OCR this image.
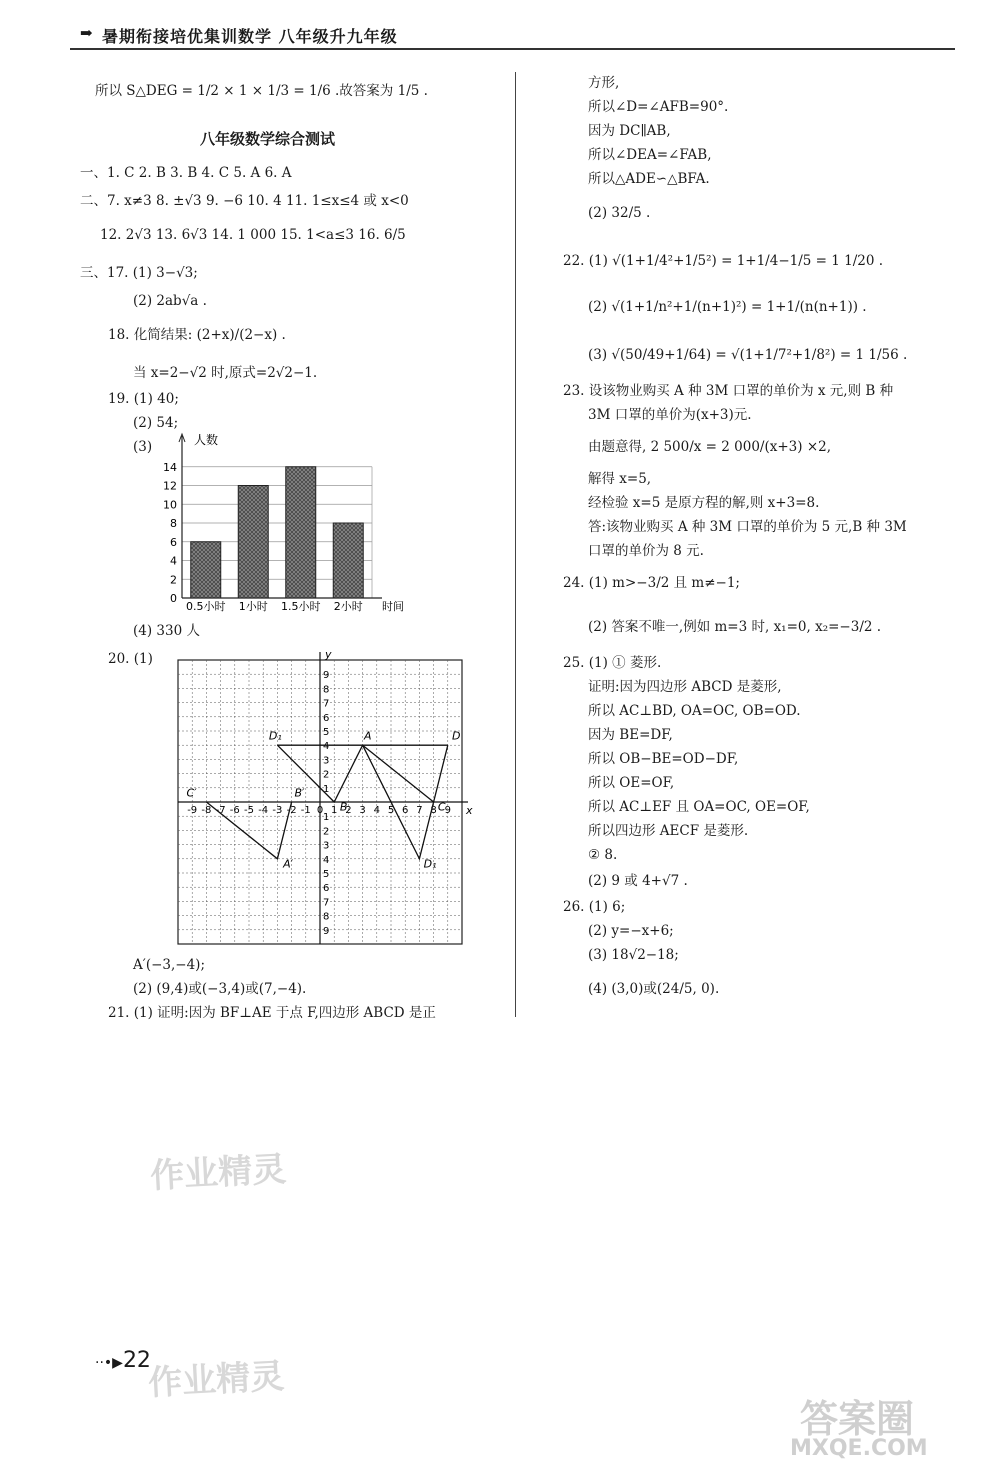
➡ 暑期衔接培优集训数学 八年级升九年级
所以 S△DEG = 1/2 × 1 × 1/3 = 1/6 .故答案为 1/5 .
八年级数学综合测试
一、1. C 2. B 3. B 4. C 5. A 6. A
二、7. x≠3 8. ±√3 9. −6 10. 4 11. 1≤x≤4 或 x<0
12. 2√3 13. 6√3 14. 1 000 15. 1<a≤3 16. 6/5
三、17. (1) 3−√3;
(2) 2ab√a .
18. 化简结果: (2+x)/(2−x) .
当 x=2−√2 时,原式=2√2−1.
19. (1) 40;
(2) 54;
(3)
0
2
4
6
8
10
12
14
人数
时间
0.5小时 1小时 1.5小时 2小时
(4) 330 人
20. (1)
x
y
-9 -8 -7 -6 -5 -4 -3 -2 -1 0 1 2 3 4 5 6 7 8 9
9
8
7
6
5
4
3
2
1
1
2
3
4
5
6
7
8
9
D₁	A	D
C′	B′
A′
B	C
D₁
A′(−3,−4);
(2) (9,4)或(−3,4)或(7,−4).
21. (1) 证明:因为 BF⊥AE 于点 F,四边形 ABCD 是正
方形,
所以∠D=∠AFB=90°.
因为 DC∥AB,
所以∠DEA=∠FAB,
所以△ADE∽△BFA.
(2) 32/5 .
22. (1) √(1+1/4²+1/5²) = 1+1/4−1/5 = 1 1/20 .
(2) √(1+1/n²+1/(n+1)²) = 1+1/(n(n+1)) .
(3) √(50/49+1/64) = √(1+1/7²+1/8²) = 1 1/56 .
23. 设该物业购买 A 种 3M 口罩的单价为 x 元,则 B 种
3M 口罩的单价为(x+3)元.
由题意得, 2 500/x = 2 000/(x+3) ×2,
解得 x=5,
经检验 x=5 是原方程的解,则 x+3=8.
答:该物业购买 A 种 3M 口罩的单价为 5 元,B 种 3M
口罩的单价为 8 元.
24. (1) m>−3/2 且 m≠−1;
(2) 答案不唯一,例如 m=3 时, x₁=0, x₂=−3/2 .
25. (1) ① 菱形.
证明:因为四边形 ABCD 是菱形,
所以 AC⊥BD, OA=OC, OB=OD.
因为 BE=DF,
所以 OB−BE=OD−DF,
所以 OE=OF,
所以 AC⊥EF 且 OA=OC, OE=OF,
所以四边形 AECF 是菱形.
② 8.
(2) 9 或 4+√7 .
26. (1) 6;
(2) y=−x+6;
(3) 18√2−18;
(4) (3,0)或(24/5, 0).
作业精灵
作业精灵
答案圈
MXQE.COM
··•▶22
